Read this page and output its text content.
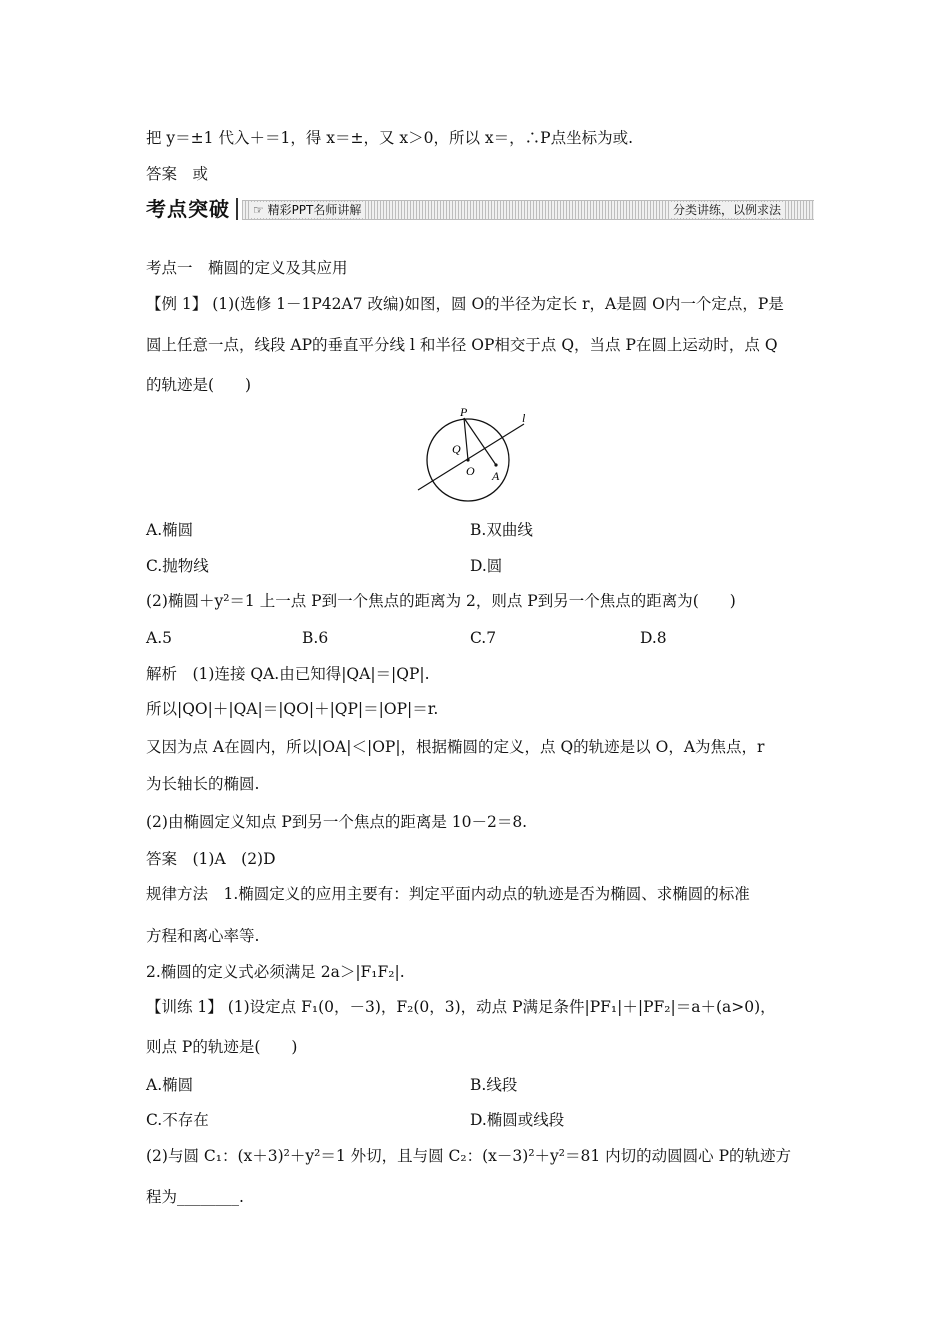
把 y＝±1 代入＋＝1，得 x＝±，又 x＞0，所以 x＝，∴P点坐标为或.
答案　或
考点突破 ☞ 精彩PPT名师讲解	分类讲练，以例求法
考点一　椭圆的定义及其应用
【例 1】 (1)(选修 1－1P42A7 改编)如图，圆 O的半径为定长 r，A是圆 O内一个定点，P是
圆上任意一点，线段 AP的垂直平分线 l 和半径 OP相交于点 Q，当点 P在圆上运动时，点 Q
的轨迹是(　　)
P
Q
O A
l
A.椭圆	B.双曲线
C.抛物线	D.圆
(2)椭圆＋y²＝1 上一点 P到一个焦点的距离为 2，则点 P到另一个焦点的距离为(　　)
A.5	B.6	C.7	D.8
解析　(1)连接 QA.由已知得|QA|＝|QP|.
所以|QO|＋|QA|＝|QO|＋|QP|＝|OP|＝r.
又因为点 A在圆内，所以|OA|＜|OP|，根据椭圆的定义，点 Q的轨迹是以 O，A为焦点，r
为长轴长的椭圆.
(2)由椭圆定义知点 P到另一个焦点的距离是 10－2＝8.
答案　(1)A　(2)D
规律方法　1.椭圆定义的应用主要有：判定平面内动点的轨迹是否为椭圆、求椭圆的标准
方程和离心率等.
2.椭圆的定义式必须满足 2a＞|F₁F₂|.
【训练 1】 (1)设定点 F₁(0，－3)，F₂(0，3)，动点 P满足条件|PF₁|＋|PF₂|＝a＋(a>0)，
则点 P的轨迹是(　　)
A.椭圆	B.线段
C.不存在	D.椭圆或线段
(2)与圆 C₁：(x＋3)²＋y²＝1 外切，且与圆 C₂：(x－3)²＋y²＝81 内切的动圆圆心 P的轨迹方
程为________.
